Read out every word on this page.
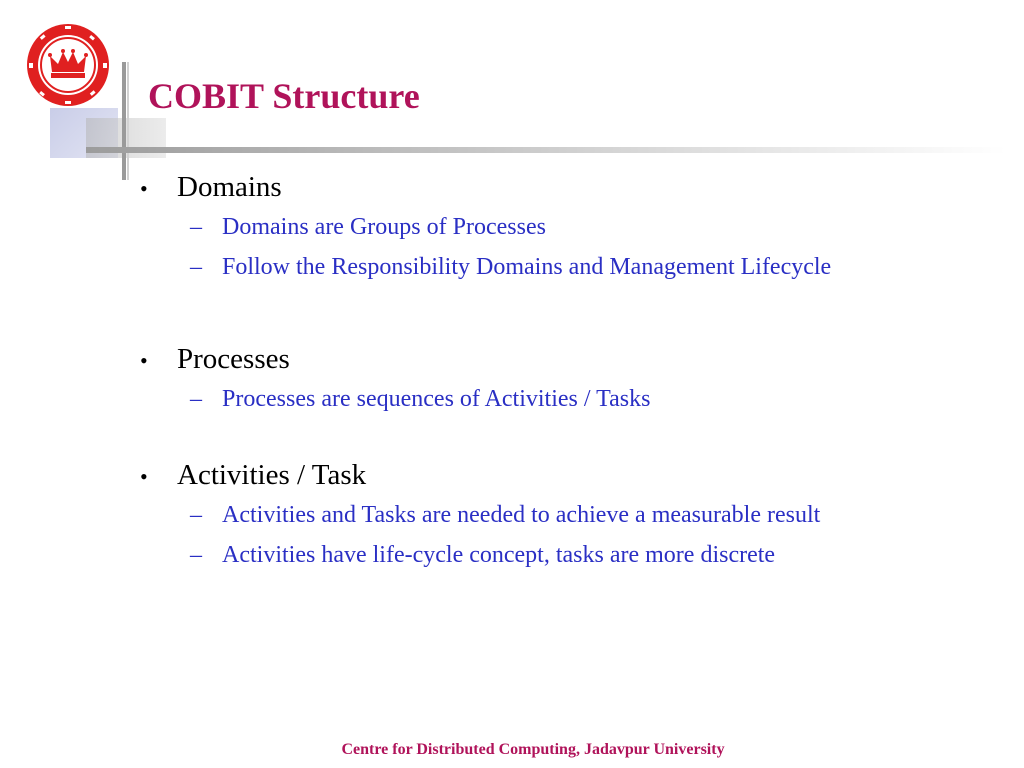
COBIT Structure
•	Domains
– Domains are Groups of Processes
– Follow the Responsibility Domains and Management Lifecycle
•	Processes
– Processes are sequences of Activities / Tasks
•	Activities / Task
– Activities and Tasks are needed to achieve a measurable result
– Activities have life-cycle concept, tasks are more discrete
Centre for Distributed Computing, Jadavpur University
